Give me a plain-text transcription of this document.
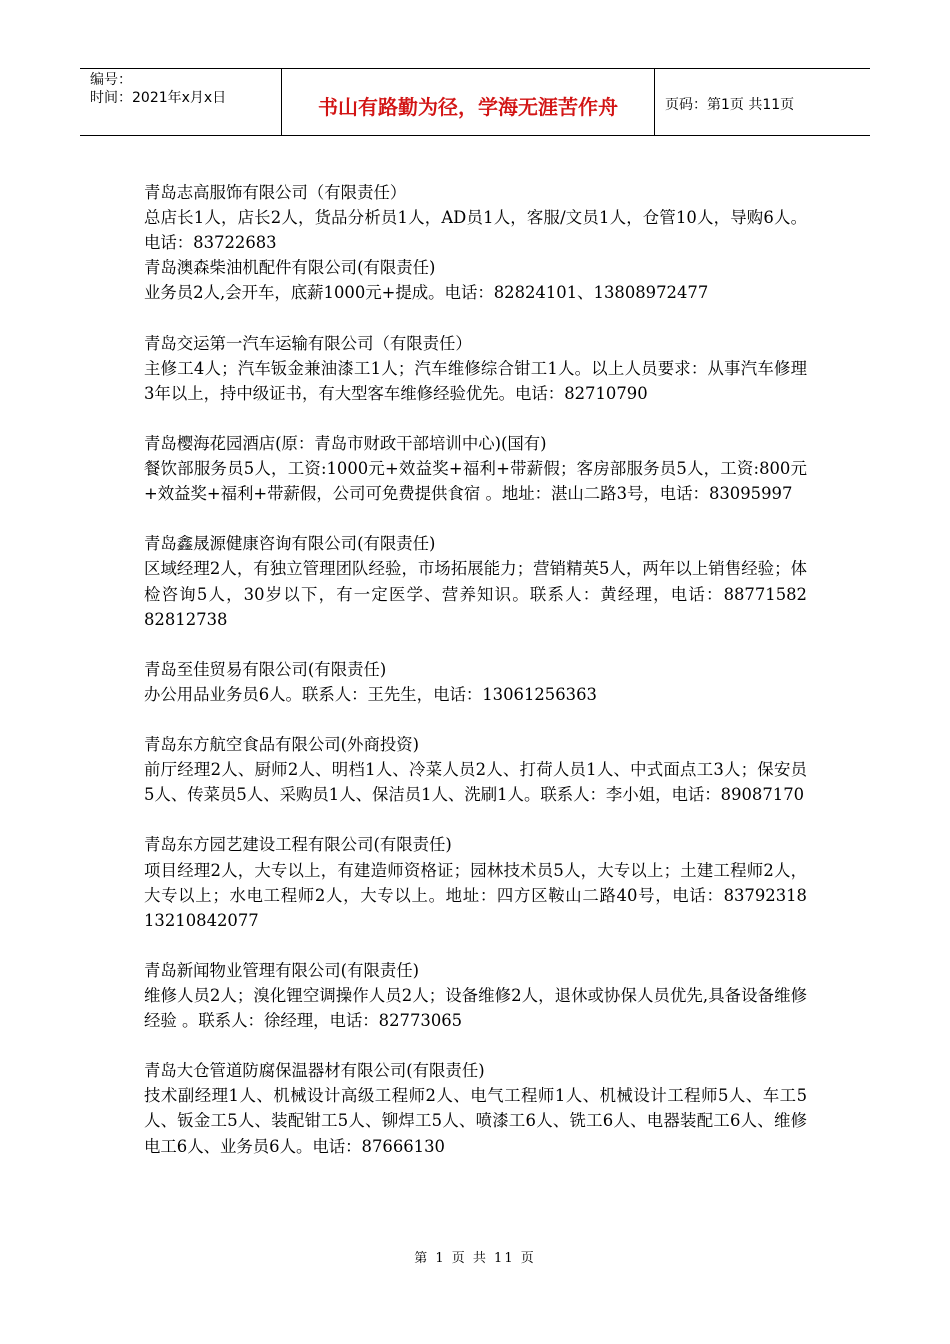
编号：
时间：2021年x月x日	书山有路勤为径，学海无涯苦作舟	页码：第1页 共11页

青岛志高服饰有限公司（有限责任）

总店长1人，店长2人，货品分析员1人，AD员1人，客服/文员1人，仓管10人，导购6人。电话：83722683

青岛澳森柴油机配件有限公司(有限责任)

业务员2人,会开车，底薪1000元+提成。电话：82824101、13808972477

青岛交运第一汽车运输有限公司（有限责任）

主修工4人；汽车钣金兼油漆工1人；汽车维修综合钳工1人。以上人员要求：从事汽车修理3年以上，持中级证书，有大型客车维修经验优先。电话：82710790

青岛樱海花园酒店(原：青岛市财政干部培训中心)(国有)

餐饮部服务员5人，工资:1000元+效益奖+福利+带薪假；客房部服务员5人，工资:800元+效益奖+福利+带薪假，公司可免费提供食宿 。地址：湛山二路3号，电话：83095997

青岛鑫晟源健康咨询有限公司(有限责任)

区域经理2人，有独立管理团队经验，市场拓展能力；营销精英5人，两年以上销售经验；体检咨询5人，30岁以下，有一定医学、营养知识。联系人：黄经理，电话：88771582 82812738

青岛至佳贸易有限公司(有限责任)

办公用品业务员6人。联系人：王先生，电话：13061256363

青岛东方航空食品有限公司(外商投资)

前厅经理2人、厨师2人、明档1人、冷菜人员2人、打荷人员1人、中式面点工3人；保安员5人、传菜员5人、采购员1人、保洁员1人、洗刷1人。联系人：李小姐，电话：89087170

青岛东方园艺建设工程有限公司(有限责任)

项目经理2人，大专以上，有建造师资格证；园林技术员5人，大专以上；土建工程师2人，大专以上；水电工程师2人，大专以上。地址：四方区鞍山二路40号，电话：83792318 13210842077

青岛新闻物业管理有限公司(有限责任)

维修人员2人；溴化锂空调操作人员2人；设备维修2人，退休或协保人员优先,具备设备维修经验 。联系人：徐经理，电话：82773065

青岛大仓管道防腐保温器材有限公司(有限责任)

技术副经理1人、机械设计高级工程师2人、电气工程师1人、机械设计工程师5人、车工5人、钣金工5人、装配钳工5人、铆焊工5人、喷漆工6人、铣工6人、电器装配工6人、维修电工6人、业务员6人。电话：87666130

第 1 页 共 11 页
